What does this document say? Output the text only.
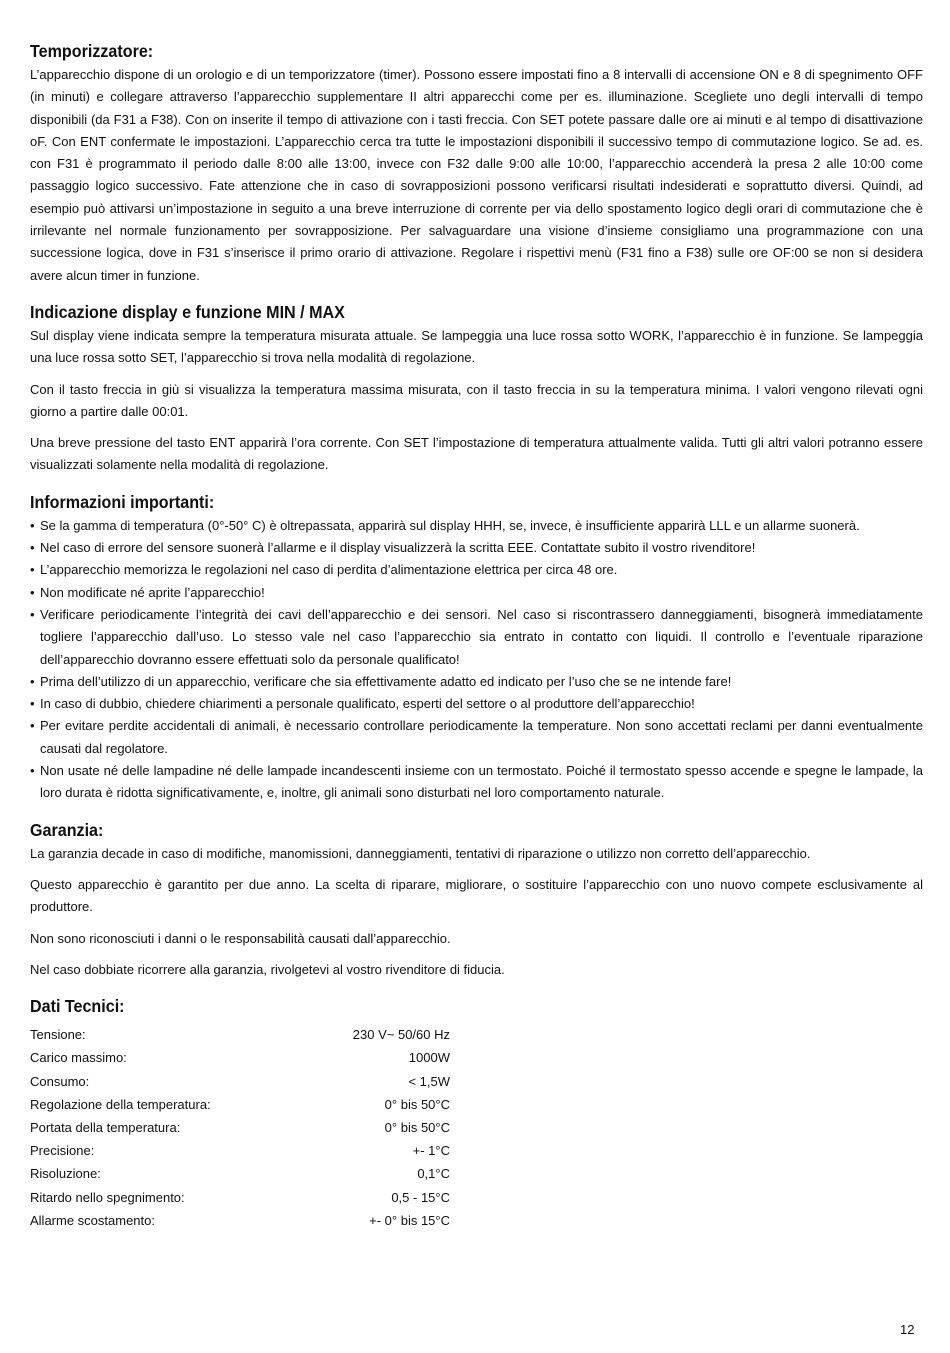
Temporizzatore:

L’apparecchio dispone di un orologio e di un temporizzatore (timer). Possono essere impostati fino a 8 intervalli di accensione ON e 8 di spegnimento OFF (in minuti) e collegare attraverso l’apparecchio supplementare II altri apparecchi come per es. illuminazione. Scegliete uno degli intervalli di tempo disponibili (da F31 a F38). Con on inserite il tempo di attivazione con i tasti freccia. Con SET potete passare dalle ore ai minuti e al tempo di disattivazione oF. Con ENT confermate le impostazioni. L’apparecchio cerca tra tutte le impostazioni disponibili il successivo tempo di commutazione logico. Se ad. es. con F31 è programmato il periodo dalle 8:00 alle 13:00, invece con F32 dalle 9:00 alle 10:00, l’apparecchio accenderà la presa 2 alle 10:00 come passaggio logico successivo. Fate attenzione che in caso di sovrapposizioni possono verificarsi risultati indesiderati e soprattutto diversi. Quindi, ad esempio può attivarsi un’impostazione in seguito a una breve interruzione di corrente per via dello spostamento logico degli orari di commutazione che è irrilevante nel normale funzionamento per sovrapposizione. Per salvaguardare una visione d’insieme consigliamo una programmazione con una successione logica, dove in F31 s’inserisce il primo orario di attivazione. Regolare i rispettivi menù (F31 fino a F38) sulle ore OF:00 se non si desidera avere alcun timer in funzione.

Indicazione display e funzione MIN / MAX

Sul display viene indicata sempre la temperatura misurata attuale. Se lampeggia una luce rossa sotto WORK, l’apparecchio è in funzione. Se lampeggia una luce rossa sotto SET, l’apparecchio si trova nella modalità di regolazione.

Con il tasto freccia in giù si visualizza la temperatura massima misurata, con il tasto freccia in su la temperatura minima. I valori vengono rilevati ogni giorno a partire dalle 00:01.

Una breve pressione del tasto ENT apparirà l’ora corrente. Con SET l’impostazione di temperatura attualmente valida. Tutti gli altri valori potranno essere visualizzati solamente nella modalità di regolazione.

Informazioni importanti:
• Se la gamma di temperatura (0°-50° C) è oltrepassata, apparirà sul display HHH, se, invece, è insufficiente apparirà LLL e un allarme suonerà.
• Nel caso di errore del sensore suonerà l’allarme e il display visualizzerà la scritta EEE. Contattate subito il vostro rivenditore!
• L’apparecchio memorizza le regolazioni nel caso di perdita d’alimentazione elettrica per circa 48 ore.
• Non modificate né aprite l’apparecchio!
• Verificare periodicamente l’integrità dei cavi dell’apparecchio e dei sensori. Nel caso si riscontrassero danneggiamenti, bisognerà immediatamente togliere l’apparecchio dall’uso. Lo stesso vale nel caso l’apparecchio sia entrato in contatto con liquidi. Il controllo e l’eventuale riparazione dell’apparecchio dovranno essere effettuati solo da personale qualificato!
• Prima dell’utilizzo di un apparecchio, verificare che sia effettivamente adatto ed indicato per l’uso che se ne intende fare!
• In caso di dubbio, chiedere chiarimenti a personale qualificato, esperti del settore o al produttore dell’apparecchio!
• Per evitare perdite accidentali di animali, è necessario controllare periodicamente la temperature. Non sono accettati reclami per danni eventualmente causati dal regolatore.
• Non usate né delle lampadine né delle lampade incandescenti insieme con un termostato. Poiché il termostato spesso accende e spegne le lampade, la loro durata è ridotta significativamente, e, inoltre, gli animali sono disturbati nel loro comportamento naturale.
Garanzia:

La garanzia decade in caso di modifiche, manomissioni, danneggiamenti, tentativi di riparazione o utilizzo non corretto dell’apparecchio.

Questo apparecchio è garantito per due anno. La scelta di riparare, migliorare, o sostituire l’apparecchio con uno nuovo compete esclusivamente al produttore.

Non sono riconosciuti i danni o le responsabilità causati dall’apparecchio.

Nel caso dobbiate ricorrere alla garanzia, rivolgetevi al vostro rivenditore di fiducia.

Dati Tecnici:
Tensione:	230 V~ 50/60 Hz
Carico massimo:	1000W
Consumo:	< 1,5W
Regolazione della temperatura:	0° bis 50°C
Portata della temperatura:	0° bis 50°C
Precisione:	+- 1°C
Risoluzione:	0,1°C
Ritardo nello spegnimento:	0,5 - 15°C
Allarme scostamento:	+- 0° bis 15°C
12
